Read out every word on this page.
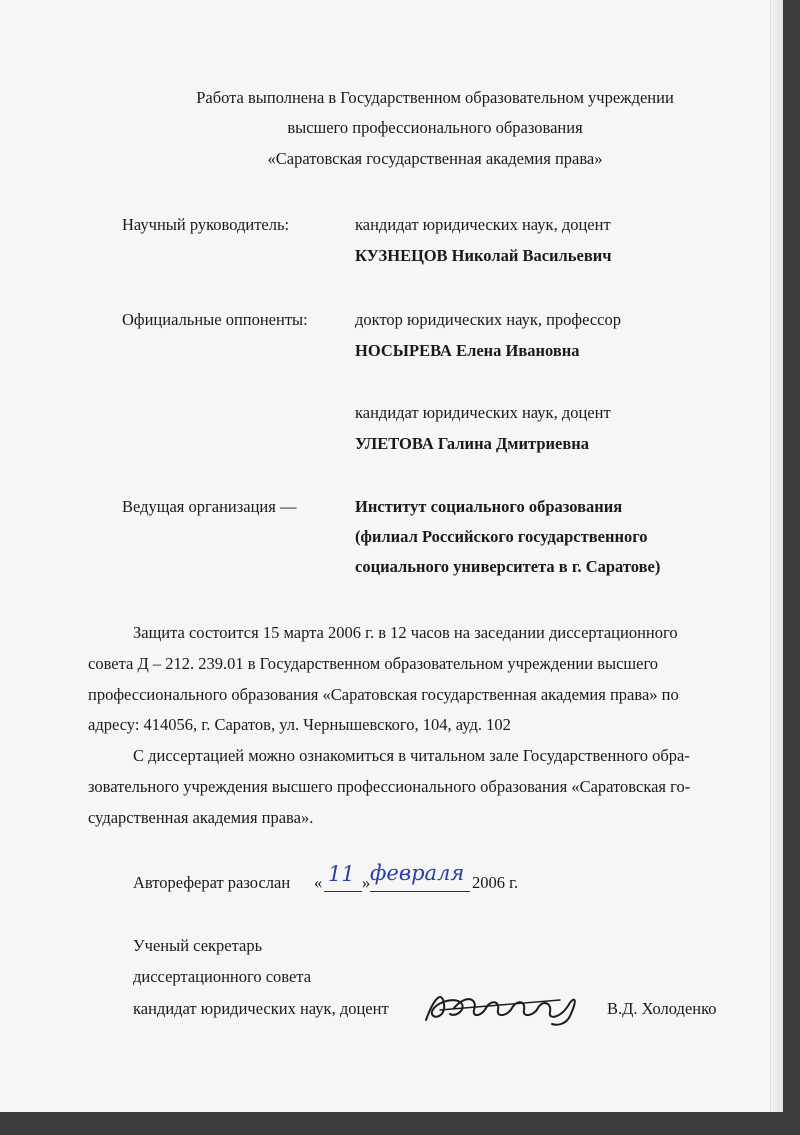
Работа выполнена в Государственном образовательном учреждении
высшего профессионального образования
«Саратовская государственная академия права»
Научный руководитель:	кандидат юридических наук, доцент
КУЗНЕЦОВ Николай Васильевич
Официальные оппоненты:	доктор юридических наук, профессор
НОСЫРЕВА Елена Ивановна
кандидат юридических наук, доцент
УЛЕТОВА Галина Дмитриевна
Ведущая организация —	Институт социального образования
(филиал Российского государственного
социального университета в г. Саратове)
Защита состоится 15 марта 2006 г. в 12 часов на заседании диссертационного
совета Д – 212. 239.01 в Государственном образовательном учреждении высшего
профессионального образования «Саратовская государственная академия права» по
адресу: 414056, г. Саратов, ул. Чернышевского, 104, ауд. 102
С диссертацией можно ознакомиться в читальном зале Государственного обра-
зовательного учреждения высшего профессионального образования «Саратовская го-
сударственная академия права».
Автореферат разослан « 11 » февраля 2006 г.
Ученый секретарь
диссертационного совета
кандидат юридических наук, доцент	В.Д. Холоденко
